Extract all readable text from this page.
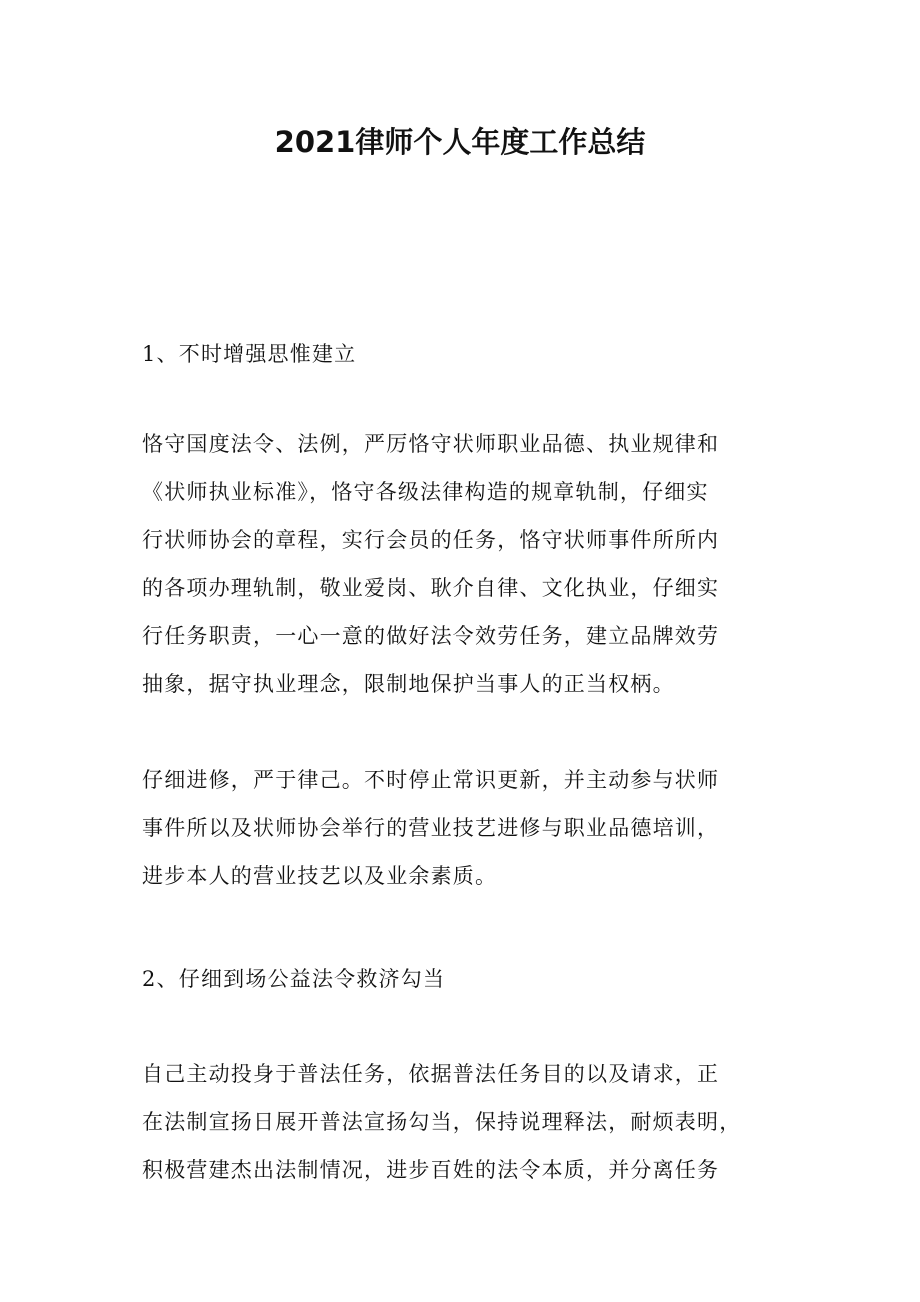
2021律师个人年度工作总结

1、不时增强思惟建立

恪守国度法令、法例，严厉恪守状师职业品德、执业规律和

《状师执业标准》，恪守各级法律构造的规章轨制，仔细实

行状师协会的章程，实行会员的任务，恪守状师事件所所内

的各项办理轨制，敬业爱岗、耿介自律、文化执业，仔细实

行任务职责，一心一意的做好法令效劳任务，建立品牌效劳

抽象，据守执业理念，限制地保护当事人的正当权柄。

仔细进修，严于律己。不时停止常识更新，并主动参与状师

事件所以及状师协会举行的营业技艺进修与职业品德培训，

进步本人的营业技艺以及业余素质。

2、仔细到场公益法令救济勾当

自己主动投身于普法任务，依据普法任务目的以及请求，正

在法制宣扬日展开普法宣扬勾当，保持说理释法，耐烦表明，

积极营建杰出法制情况，进步百姓的法令本质，并分离任务
